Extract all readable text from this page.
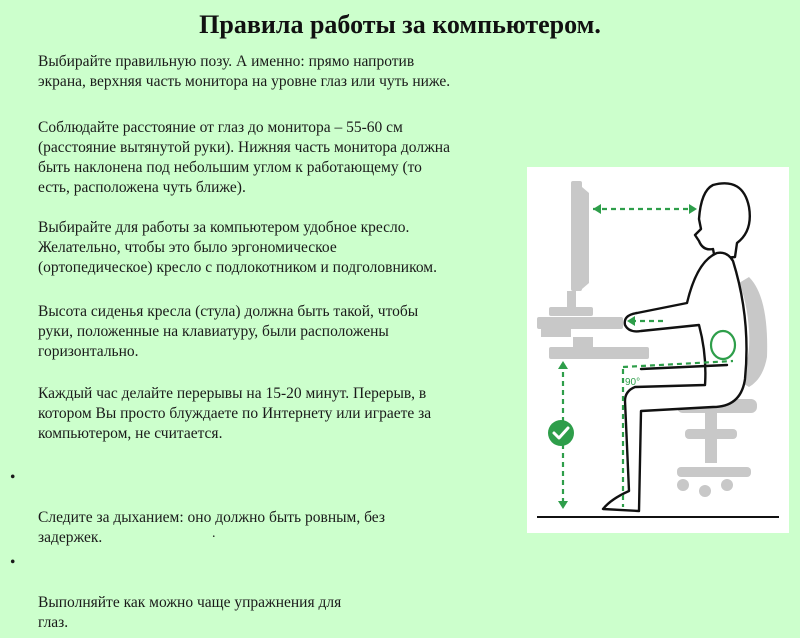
Правила работы за компьютером.

Выбирайте правильную позу. А именно: прямо напротив
экрана, верхняя часть монитора на уровне глаз или чуть ниже.

Соблюдайте расстояние от глаз до монитора – 55-60 см
(расстояние вытянутой руки). Нижняя часть монитора должна
быть наклонена под небольшим углом к работающему (то
есть, расположена чуть ближе).

Выбирайте для работы за компьютером удобное кресло.
Желательно, чтобы это было эргономическое
(ортопедическое) кресло с подлокотником и подголовником.

Высота сиденья кресла (стула) должна быть такой, чтобы
руки, положенные на клавиатуру, были расположены
горизонтально.

Каждый час делайте перерывы на 15-20 минут. Перерыв, в
котором Вы просто блуждаете по Интернету или играете за
компьютером, не считается.

•

Следите за дыханием: оно должно быть ровным, без
задержек.

•

Выполняйте как можно чаще упражнения для
глаз.

.
90°
